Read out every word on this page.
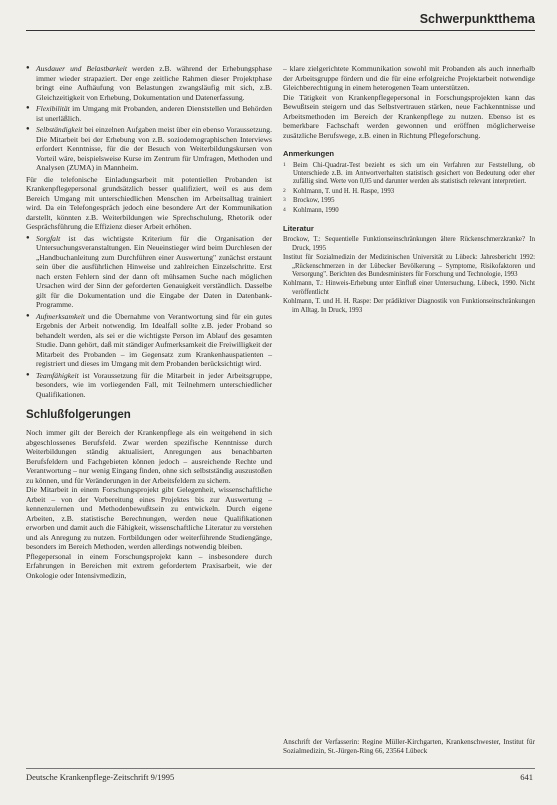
Schwerpunktthema
● Ausdauer und Belastbarkeit werden z.B. während der Erhebungsphase immer wieder strapaziert. Der enge zeitliche Rahmen dieser Projektphase bringt eine Aufhäufung von Belastungen zwangsläufig mit sich, z.B. Gleichzeitigkeit von Erhebung, Dokumentation und Datenerfassung.
● Flexibilität im Umgang mit Probanden, anderen Dienststellen und Behörden ist unerläßlich.
● Selbständigkeit bei einzelnen Aufgaben meist über ein ebenso Voraussetzung. Die Mitarbeit bei der Erhebung von z.B. soziodemographischen Interviews erfordert Kenntnisse, für die der Besuch von Weiterbildungskursen von Vorteil wäre, beispielsweise Kurse im Zentrum für Umfragen, Methoden und Analysen (ZUMA) in Mannheim.

Für die telefonische Einladungsarbeit mit potentiellen Probanden ist Krankenpflegepersonal grundsätzlich besser qualifiziert, weil es aus dem Bereich Umgang mit unterschiedlichen Menschen im Arbeitsalltag trainiert wird. Da ein Telefongespräch jedoch eine besondere Art der Kommunikation darstellt, könnten z.B. Weiterbildungen wie Sprechschulung, Rhetorik oder Gesprächsführung die Effizienz dieser Arbeit erhöhen.

● Sorgfalt ist das wichtigste Kriterium für die Organisation der Untersuchungsveranstaltungen. Ein Neueinstieger wird beim Durchlesen der „Handbuchanleitung zum Durchführen einer Auswertung" zunächst erstaunt sein über die ausführlichen Hinweise und zahlreichen Einzelschritte. Erst nach ersten Fehlern sind der dann oft mühsamen Suche nach möglichen Ursachen wird der Sinn der geforderten Genauigkeit verständlich. Dasselbe gilt für die Dokumentation und die Eingabe der Daten in Datenbank-Programme.
● Aufmerksamkeit und die Übernahme von Verantwortung sind für ein gutes Ergebnis der Arbeit notwendig. Im Idealfall sollte z.B. jeder Proband so behandelt werden, als sei er die wichtigste Person im Ablauf des gesamten Studie. Dann gehört, daß mit ständiger Aufmerksamkeit die Freiwilligkeit der Mitarbeit des Probanden – im Gegensatz zum Krankenhauspatienten – registriert und dieses im Umgang mit dem Probanden berücksichtigt wird.
● Teamfähigkeit ist Voraussetzung für die Mitarbeit in jeder Arbeitsgruppe, besonders, wie im vorliegenden Fall, mit Teilnehmern unterschiedlicher Qualifikationen.
Schlußfolgerungen

Noch immer gilt der Bereich der Krankenpflege als ein weitgehend in sich abgeschlossenes Berufsfeld. Zwar werden spezifische Kenntnisse durch Weiterbildungen ständig aktualisiert, Anregungen aus benachbarten Berufsfeldern und Fachgebieten können jedoch – ausreichende Rechte und Verantwortung – nur wenig Eingang finden, ohne sich selbstständig auszustoßen zu können, und für Veränderungen in der Arbeitsfeldern zu sichern.

Die Mitarbeit in einem Forschungsprojekt gibt Gelegenheit, wissenschaftliche Arbeit – von der Vorbereitung eines Projektes bis zur Auswertung – kennenzulernen und Methodenbewußtsein zu entwickeln. Durch eigene Arbeiten, z.B. statistische Berechnungen, werden neue Qualifikationen erworben und damit auch die Fähigkeit, wissenschaftliche Literatur zu verstehen und als Anregung zu nutzen. Fortbildungen oder weiterführende Studiengänge, besonders im Bereich Methoden, werden allerdings notwendig bleiben.

Pflegepersonal in einem Forschungsprojekt kann – insbesondere durch Erfahrungen in Bereichen mit extrem gefordertem Praxisarbeit, wie der Onkologie oder Intensivmedizin,

– klare zielgerichtete Kommunikation sowohl mit Probanden als auch innerhalb der Arbeitsgruppe fördern und die für eine erfolgreiche Projektarbeit notwendige Gleichberechtigung in einem heterogenen Team unterstützen.

Die Tätigkeit von Krankenpflegepersonal in Forschungsprojekten kann das Bewußtsein steigern und das Selbstvertrauen stärken, neue Fachkenntnisse und Arbeitsmethoden im Bereich der Krankenpflege zu nutzen. Ebenso ist es bemerkbare Fachschaft werden gewonnen und eröffnen möglicherweise zusätzliche Berufswege, z.B. einen in Richtung Pflegeforschung.

Anmerkungen
1 Beim Chi-Quadrat-Test bezieht es sich um ein Verfahren zur Feststellung, ob Unterschiede z.B. im Antwortverhalten statistisch gesichert von Bedeutung oder eher zufällig sind. Werte von 0,05 und darunter werden als statistisch relevant interpretiert.
2 Kohlmann, T. und H. H. Raspe, 1993
3 Brockow, 1995
4 Kohlmann, 1990
Literatur
Brockow, T.: Sequentielle Funktionseinschränkungen ältere Rückenschmerzkranke? In Druck, 1995
Institut für Sozialmedizin der Medizinischen Universität zu Lübeck: Jahresbericht 1992: „Rückenschmerzen in der Lübecker Bevölkerung – Symptome, Risikofaktoren und Versorgung". Berichten des Bundesministers für Forschung und Technologie, 1993
Kohlmann, T.: Hinweis-Erhebung unter Einfluß einer Untersuchung, Lübeck, 1990. Nicht veröffentlicht
Kohlmann, T. und H. H. Raspe: Der prädiktiver Diagnostik von Funktionseinschränkungen im Alltag. In Druck, 1993
Anschrift der Verfasserin: Regine Müller-Kirchgarten, Krankenschwester, Institut für Sozialmedizin, St.-Jürgen-Ring 66, 23564 Lübeck
Deutsche Krankenpflege-Zeitschrift 9/1995	641
